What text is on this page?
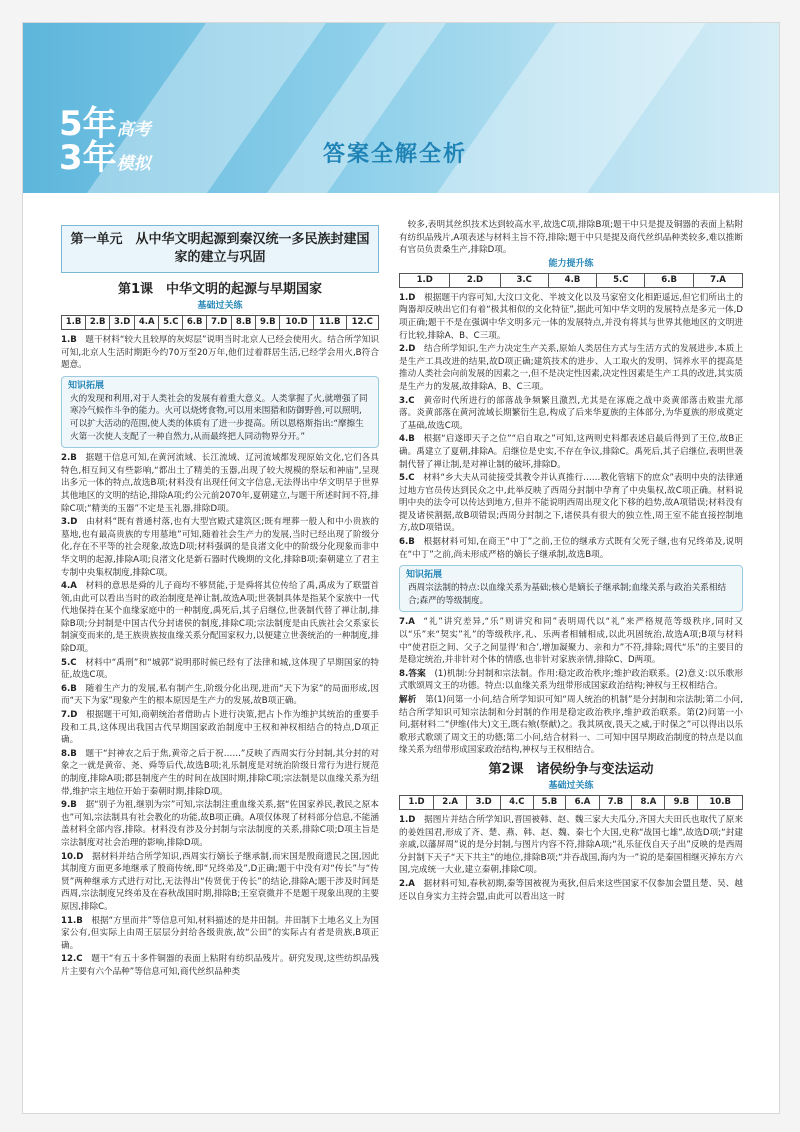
5年高考
3年模拟	答案全解全析
第一单元　从中华文明起源到秦汉统一多民族封建国家的建立与巩固
第1课　中华文明的起源与早期国家
基础过关练
1.B	2.B	3.D	4.A	5.C	6.B	7.D	8.B	9.B	10.D	11.B	12.C
1.B  题干材料“较大且较厚的灰烬层”说明当时北京人已经会使用火。结合所学知识可知,北京人生活时期距今约70万至20万年,他们过着群居生活,已经学会用火,B符合题意。
知识拓展
火的发现和利用,对于人类社会的发展有着重大意义。人类掌握了火,就增强了同寒冷气候作斗争的能力。火可以烧烤食物,可以用来围猎和防御野兽,可以照明,可以扩大活动的范围,使人类的体质有了进一步提高。所以恩格斯指出:“摩擦生火第一次使人支配了一种自然力,从而最终把人同动物界分开。”
2.B  据题干信息可知,在黄河流域、长江流域、辽河流域都发现原始文化,它们各具特色,相互间又有些影响,“都出土了精美的玉器,出现了较大规模的祭坛和神庙”,呈现出多元一体的特点,故选B项;材料没有出现任何文字信息,无法得出中华文明早于世界其他地区的文明的结论,排除A项;约公元前2070年,夏朝建立,与题干所述时间不符,排除C项;“精美的玉器”不定是玉礼器,排除D项。
3.D  由材料“既有普通村落,也有大型宫殿式建筑区;既有埋葬一般人和中小贵族的墓地,也有最高贵族的专用墓地”可知,随着社会生产力的发展,当时已经出现了阶级分化,存在不平等的社会现象,故选D项;材料强调的是良渚文化中的阶级分化现象而非中华文明的起源,排除A项;良渚文化是新石器时代晚期的文化,排除B项;秦朝建立了君主专制中央集权制度,排除C项。
4.A  材料的意思是舜的儿子商均不够贤能,于是舜将其位传给了禹,禹成为了联盟首领,由此可以看出当时的政治制度是禅让制,故选A项;世袭制具体是指某个家族中一代代地保持在某个血缘家庭中的一种制度,禹死后,其子启继位,世袭制代替了禅让制,排除B项;分封制是中国古代分封诸侯的制度,排除C项;宗法制度是由氏族社会父系家长制演变而来的,是王族贵族按血缘关系分配国家权力,以便建立世袭统治的一种制度,排除D项。
5.C  材料中“禹刑”和“城郭”说明那时候已经有了法律和城,这体现了早期国家的特征,故选C项。
6.B  随着生产力的发展,私有制产生,阶级分化出现,进而“天下为家”的局面形成,因而“天下为家”现象产生的根本原因是生产力的发展,故B项正确。
7.D  根据题干可知,商朝统治者借助占卜进行决策,把占卜作为维护其统治的重要手段和工具,这体现出我国古代早期国家政治制度中王权和神权相结合的特点,D项正确。
8.B  题干“封神农之后于焦,黄帝之后于祝……”反映了西周实行分封制,其分封的对象之一就是黄帝、尧、舜等后代,故选B项;礼乐制度是对统治阶级日常行为进行规范的制度,排除A项;郡县制度产生的时间在战国时期,排除C项;宗法制是以血缘关系为纽带,维护宗主地位开始于秦朝时期,排除D项。
9.B  据“别子为祖,继别为宗”可知,宗法制注重血缘关系,据“佐国家养民,教民之原本也”可知,宗法制具有社会教化的功能,故B项正确。A项仅体现了材料部分信息,不能涵盖材料全部内容,排除。材料没有涉及分封制与宗法制度的关系,排除C项;D项主旨是宗法制度对社会治理的影响,排除D项。
10.D  据材料并结合所学知识,西周实行嫡长子继承制,而宋国是殷商遗民之国,因此其制度方面更多地继承了殷商传统,即“兄终弟及”,D正确;题干中没有对“传长”与“传贤”两种继承方式进行对比,无法得出“传贤优于传长”的结论,排除A;题干涉及时间是西周,宗法制度兄终弟及在春秋战国时期,排除B;王室衰微并不是题干现象出现的主要原因,排除C。
11.B  根据“方里而井”等信息可知,材料描述的是井田制。井田制下土地名义上为国家公有,但实际上由周王层层分封给各级贵族,故“公田”的实际占有者是贵族,B项正确。
12.C  题干“有五十多件铜器的表面上粘附有纺织品残片。研究发现,这些纺织品残片主要有六个品种”等信息可知,商代丝织品种类
 较多,表明其丝织技术达到较高水平,故选C项,排除B项;题干中只是提及铜器的表面上粘附有纺织品残片,A项表述与材料主旨不符,排除;题干中只是提及商代丝织品种类较多,难以推断有官员负责桑生产,排除D项。
能力提升练
1.D	2.D	3.C	4.B	5.C	6.B	7.A
1.D  根据题干内容可知,大汶口文化、半坡文化以及马家窑文化相距遥远,但它们所出土的陶器却反映出它们有着“极其相似的文化特征”,据此可知中华文明的发展特点是多元一体,D项正确;题干不是在强调中华文明多元一体的发展特点,并没有将其与世界其他地区的文明进行比较,排除A、B、C三项。
2.D  结合所学知识,生产力决定生产关系,原始人类居住方式与生活方式的发展进步,本质上是生产工具改进的结果,故D项正确;建筑技术的进步、人工取火的发明、饲养水平的提高是推动人类社会向前发展的因素之一,但不是决定性因素,决定性因素是生产工具的改进,其实质是生产力的发展,故排除A、B、C三项。
3.C  黄帝时代所进行的部落战争频繁且激烈,尤其是在涿鹿之战中炎黄部落击败蚩尤部落。炎黄部落在黄河流域长期繁衍生息,构成了后来华夏族的主体部分,为华夏族的形成奠定了基础,故选C项。
4.B  根据“启遂即天子之位”“启自取之”可知,这两则史料都表述启最后得到了王位,故B正确。禹建立了夏朝,排除A。启继位是史实,不存在争议,排除C。禹死后,其子启继位,表明世袭制代替了禅让制,是对禅让制的破坏,排除D。
5.C  材料“乡大夫从司徒接受其教令并认真推行……教化管辖下的庶众”表明中央的法律通过地方官员传达到民众之中,此举反映了西周分封制中孕育了中央集权,故C项正确。材料说明中央的法令可以传达到地方,但并不能说明西周出现文化下移的趋势,故A项错误;材料没有提及诸侯割据,故B项错误;西周分封制之下,诸侯具有很大的独立性,周王室不能直接控制地方,故D项错误。
6.B  根据材料可知,在商王“中丁”之前,王位的继承方式既有父死子继,也有兄终弟及,说明在“中丁”之前,尚未形成严格的嫡长子继承制,故选B项。
知识拓展
西周宗法制的特点:以血缘关系为基础;核心是嫡长子继承制;血缘关系与政治关系相结合;森严的等级制度。
7.A  “礼”讲究差异,“乐”则讲究和同”表明周代以“礼”来严格规范等级秩序,同时又以“乐”来“契实”礼”的等级秩序,礼、乐两者相辅相成,以此巩固统治,故选A项;B项与材料中“使君臣之间、父子之间显得‘和合’,增加凝聚力、亲和力”不符,排除;周代“乐”的主要目的是稳定统治,并非针对个体的情感,也非针对家族亲情,排除C、D两项。
8.答案  (1)机制:分封制和宗法制。作用:稳定政治秩序;维护政治联系。(2)意义:以乐歌形式歌颂周文王的功德。特点:以血缘关系为纽带形成国家政治结构;神权与王权相结合。
解析  第(1)问第一小问,结合所学知识可知“周人统治的机制”是分封制和宗法制;第二小问,结合所学知识可知宗法制和分封制的作用是稳定政治秩序,维护政治联系。第(2)问第一小问,据材料二“伊维(伟大)文王,既右飨(祭献)之。我其夙夜,畏天之威,于时保之”可以得出以乐歌形式歌颂了周文王的功德;第二小问,结合材料一、二可知中国早期政治制度的特点是以血缘关系为纽带形成国家政治结构,神权与王权相结合。
第2课　诸侯纷争与变法运动
基础过关练
1.D	2.A	3.D	4.C	5.B	6.A	7.B	8.A	9.B	10.B
1.D  据图片并结合所学知识,晋国被韩、赵、魏三家大夫瓜分,齐国大夫田氏也取代了原来的姜姓国君,形成了齐、楚、燕、韩、赵、魏、秦七个大国,史称“战国七雄”,故选D项;“封建亲戚,以藩屏周”说的是分封制,与图片内容不符,排除A项;“礼乐征伐自天子出”反映的是西周分封制下天子“天下共主”的地位,排除B项;“并吞战国,海内为一”说的是秦国相继灭掉东方六国,完成统一大业,建立秦朝,排除C项。
2.A  据材料可知,春秋初期,秦等国被视为夷狄,但后来这些国家不仅参加会盟且楚、吴、越还以自身实力主持会盟,由此可以看出这一时
